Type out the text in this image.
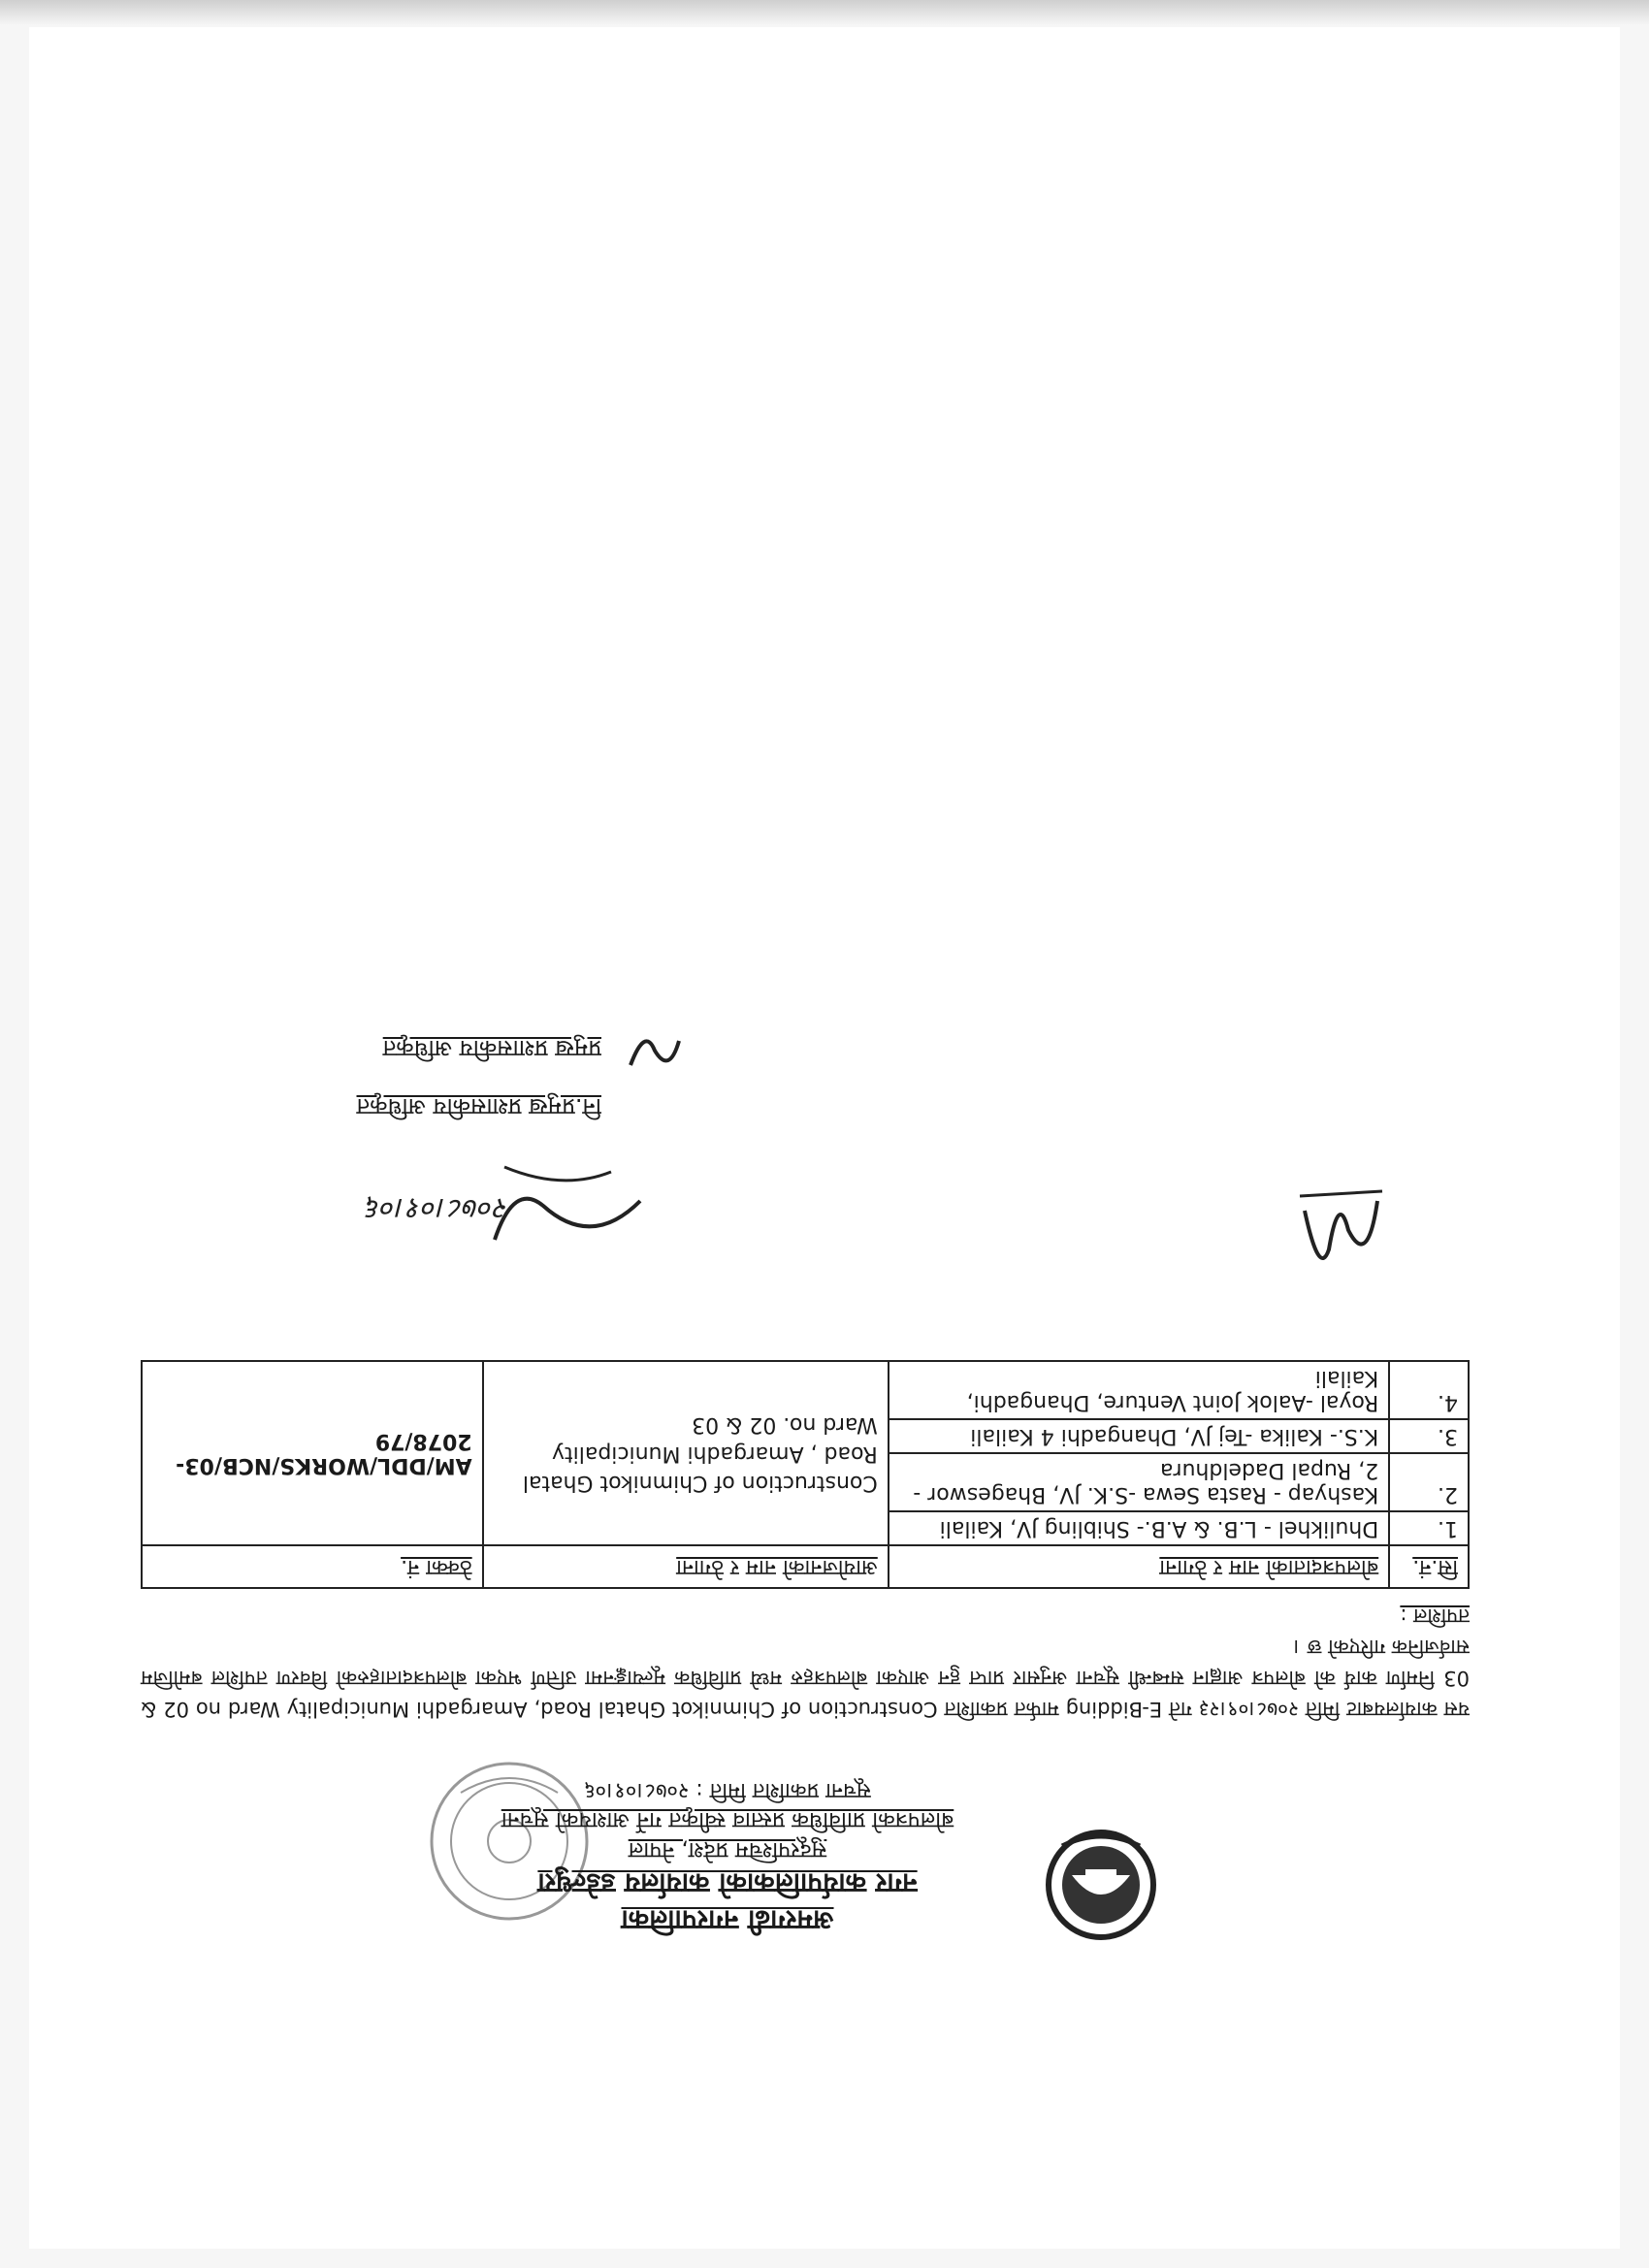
अमरगढी नगरपालिका
नगर कार्यपालिकाको कार्यालय डडेल्धुरा
सुदूरपश्चिम प्रदेश, नेपाल
बोलपत्रको प्राविधिक प्रस्ताव स्वीकृत गर्ने आशयको सूचना
सूचना प्रकाशित मिति : २०७८।०१।०६
यस कार्यालयबाट मिति २०७८।०९।२३ गते E-Bidding मार्फत प्रकाशित Construction of Chimnikot Ghatal Road, Amargadhi Municipality Ward no 02 & 03 निर्माण कार्य को बोलपत्र आह्वान सम्बन्धी सूचना अनुसार प्राप्त हुन आएका बोलपत्रहरु मध्ये प्राविधिक मूल्याङ्कनमा उत्तिर्ण भएका बोलपत्रदाताहरुको विवरण तपशिल बमोजिम सार्वजनिक गरिएको छ ।
तपशिल :
सि.नं.	बोलपत्रदाताको नाम र ठेगाना	आयोजनाको नाम र ठेगाना	ठेक्का नं.
1.	Dhulikhel - L.B. & A.B.- Shibling JV, Kailali	Construction of Chimnikot Ghatal Road , Amargadhi Municipality Ward no. 02 & 03	AM/DDL/WORKS/NCB/03-2078/79
2.	Kashyap - Rasta Sewa -S.K. JV, Bhageswor - 2, Rupal Dadeldhura		
3.	K.S.- Kalika -Tej JV, Dhangadhi 4 Kailali		
4.	Royal -Aalok Joint Venture, Dhangadhi, Kailali		
२०७८।०१।०६
नि.प्रमुख प्रशासकीय अधिकृत
प्रमुख प्रशासकीय अधिकृत
